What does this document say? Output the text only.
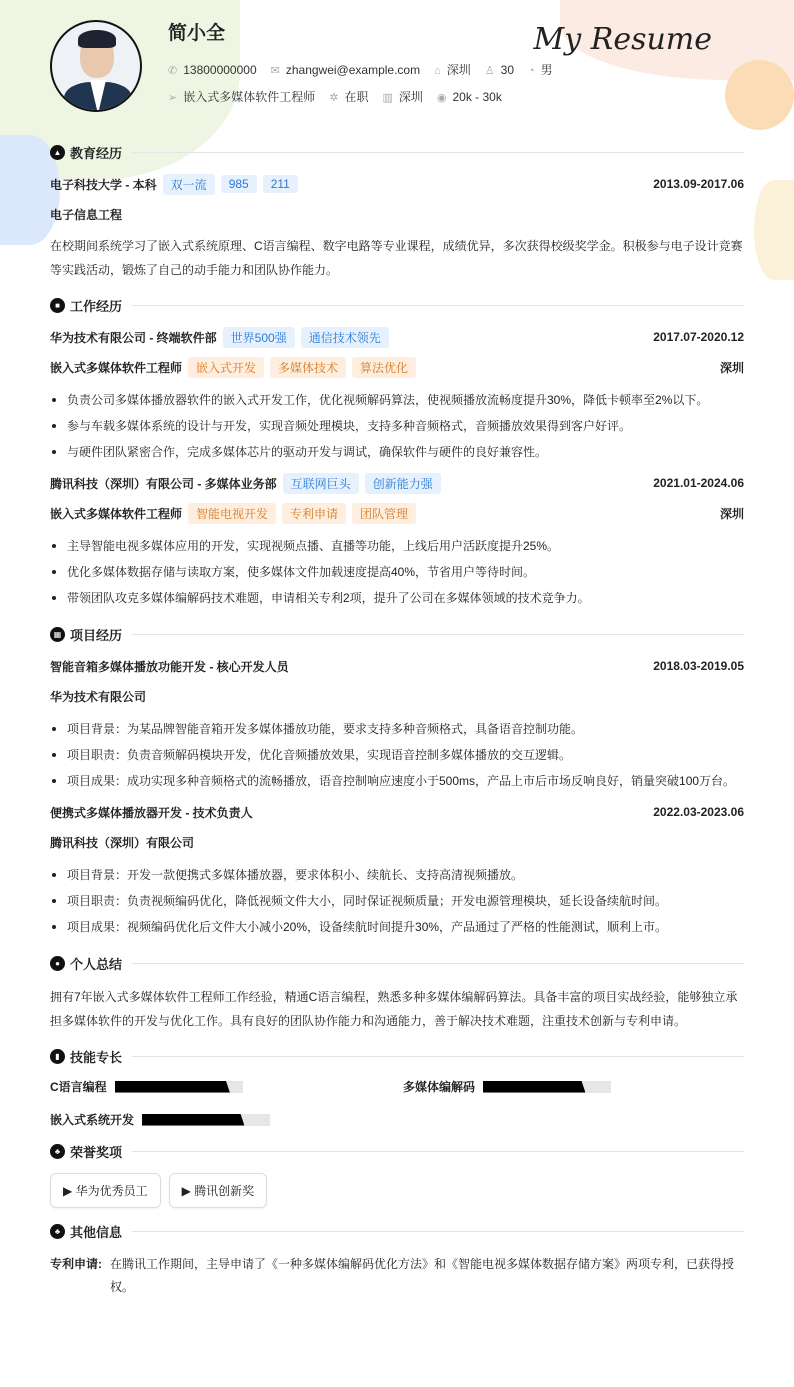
简小全	My Resume
✆ 13800000000 ✉ zhangwei@example.com ⌂ 深圳 ♙ 30 ◔ 男
➢ 嵌入式多媒体软件工程师 ✲ 在职 ▥ 深圳 ◉ 20k - 30k
▲ 教育经历
电子科技大学 - 本科	双一流	985	211	2013.09-2017.06
电子信息工程

在校期间系统学习了嵌入式系统原理、C语言编程、数字电路等专业课程，成绩优异，多次获得校级奖学金。积极参与电子设计竞赛等实践活动，锻炼了自己的动手能力和团队协作能力。

■ 工作经历
华为技术有限公司 - 终端软件部	世界500强	通信技术领先	2017.07-2020.12
嵌入式多媒体软件工程师	嵌入式开发	多媒体技术	算法优化	深圳
负责公司多媒体播放器软件的嵌入式开发工作，优化视频解码算法，使视频播放流畅度提升30%，降低卡顿率至2%以下。
参与车载多媒体系统的设计与开发，实现音频处理模块，支持多种音频格式，音频播放效果得到客户好评。
与硬件团队紧密合作，完成多媒体芯片的驱动开发与调试，确保软件与硬件的良好兼容性。
腾讯科技（深圳）有限公司 - 多媒体业务部	互联网巨头	创新能力强	2021.01-2024.06
嵌入式多媒体软件工程师	智能电视开发	专利申请	团队管理	深圳
主导智能电视多媒体应用的开发，实现视频点播、直播等功能，上线后用户活跃度提升25%。
优化多媒体数据存储与读取方案，使多媒体文件加载速度提高40%，节省用户等待时间。
带领团队攻克多媒体编解码技术难题，申请相关专利2项，提升了公司在多媒体领域的技术竞争力。
▦ 项目经历
智能音箱多媒体播放功能开发 - 核心开发人员	2018.03-2019.05
华为技术有限公司
项目背景：为某品牌智能音箱开发多媒体播放功能，要求支持多种音频格式，具备语音控制功能。
项目职责：负责音频解码模块开发，优化音频播放效果，实现语音控制多媒体播放的交互逻辑。
项目成果：成功实现多种音频格式的流畅播放，语音控制响应速度小于500ms，产品上市后市场反响良好，销量突破100万台。
便携式多媒体播放器开发 - 技术负责人	2022.03-2023.06
腾讯科技（深圳）有限公司
项目背景：开发一款便携式多媒体播放器，要求体积小、续航长、支持高清视频播放。
项目职责：负责视频编码优化，降低视频文件大小，同时保证视频质量；开发电源管理模块，延长设备续航时间。
项目成果：视频编码优化后文件大小减小20%，设备续航时间提升30%，产品通过了严格的性能测试，顺利上市。
● 个人总结

拥有7年嵌入式多媒体软件工程师工作经验，精通C语言编程，熟悉多种多媒体编解码算法。具备丰富的项目实战经验，能够独立承担多媒体软件的开发与优化工作。具有良好的团队协作能力和沟通能力，善于解决技术难题，注重技术创新与专利申请。

▮ 技能专长
C语言编程	多媒体编解码
嵌入式系统开发
♣ 荣誉奖项
▶ 华为优秀员工	▶ 腾讯创新奖
♣ 其他信息
专利申请: 在腾讯工作期间，主导申请了《一种多媒体编解码优化方法》和《智能电视多媒体数据存储方案》两项专利，已获得授权。
